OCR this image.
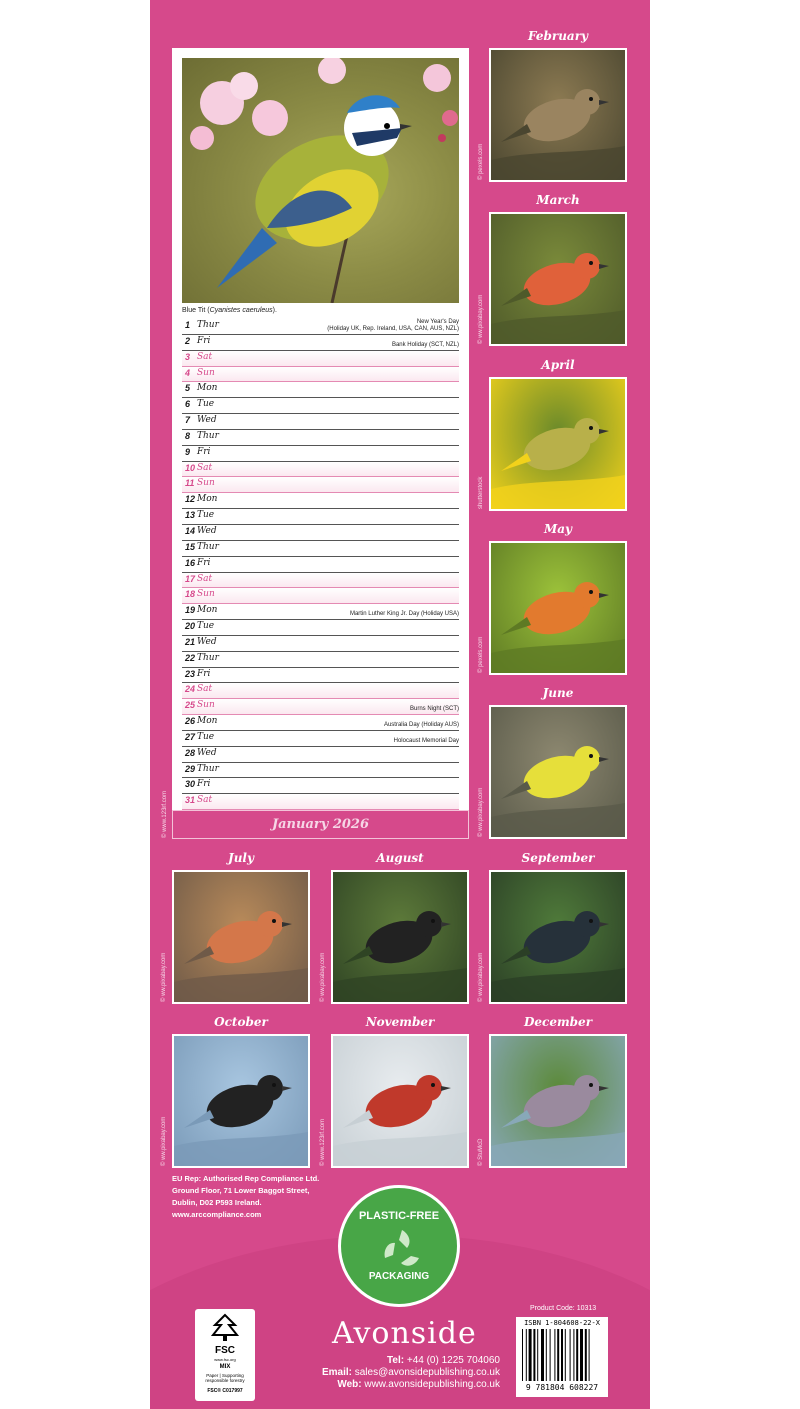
Blue Tit (Cyanistes caeruleus).
1 Thur	New Year's Day
(Holiday UK, Rep. Ireland, USA, CAN, AUS, NZL)
2 Fri	Bank Holiday (SCT, NZL)
3 Sat
4 Sun
5 Mon
6 Tue
7 Wed
8 Thur
9 Fri
10 Sat
11 Sun
12 Mon
13 Tue
14 Wed
15 Thur
16 Fri
17 Sat
18 Sun
19 Mon	Martin Luther King Jr. Day (Holiday USA)
20 Tue
21 Wed
22 Thur
23 Fri
24 Sat
25 Sun	Burns Night (SCT)
26 Mon	Australia Day (Holiday AUS)
27 Tue	Holocaust Memorial Day
28 Wed
29 Thur
30 Fri
31 Sat
January 2026
© www.123rf.com
February
© pexels.com
March
© ww.pixabay.com
April
shutterstock
May
© pexels.com
June
© ww.pixabay.com
July
© ww.pixabay.com
August
© ww.pixabay.com
September
© ww.pixabay.com
October
© ww.pixabay.com
November
© www.123rf.com
December
© StuMcD
EU Rep: Authorised Rep Compliance Ltd.
Ground Floor, 71 Lower Baggot Street,
Dublin, D02 P593 Ireland.
www.arccompliance.com	PLASTIC-FREE
PACKAGING
FSC
www.fsc.org
MIX
Paper | Supporting responsible forestry
FSC® C017997
Avonside
Tel: +44 (0) 1225 704060
Email: sales@avonsidepublishing.co.uk
Web: www.avonsidepublishing.co.uk
Product Code: 10313
ISBN 1-804608-22-X
9 781804 608227
